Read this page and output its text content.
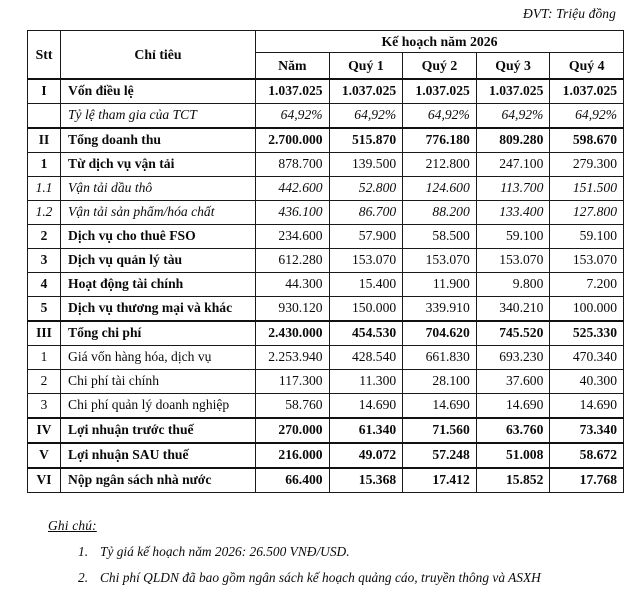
ĐVT: Triệu đồng
Stt	Chỉ tiêu	Kế hoạch năm 2026				
		Năm	Quý 1	Quý 2	Quý 3	Quý 4
I	Vốn điều lệ	1.037.025	1.037.025	1.037.025	1.037.025	1.037.025
	Tỷ lệ tham gia của TCT	64,92%	64,92%	64,92%	64,92%	64,92%
II	Tổng doanh thu	2.700.000	515.870	776.180	809.280	598.670
1	Từ dịch vụ vận tải	878.700	139.500	212.800	247.100	279.300
1.1	Vận tải dầu thô	442.600	52.800	124.600	113.700	151.500
1.2	Vận tải sản phẩm/hóa chất	436.100	86.700	88.200	133.400	127.800
2	Dịch vụ cho thuê FSO	234.600	57.900	58.500	59.100	59.100
3	Dịch vụ quản lý tàu	612.280	153.070	153.070	153.070	153.070
4	Hoạt động tài chính	44.300	15.400	11.900	9.800	7.200
5	Dịch vụ thương mại và khác	930.120	150.000	339.910	340.210	100.000
III	Tổng chi phí	2.430.000	454.530	704.620	745.520	525.330
1	Giá vốn hàng hóa, dịch vụ	2.253.940	428.540	661.830	693.230	470.340
2	Chi phí tài chính	117.300	11.300	28.100	37.600	40.300
3	Chi phí quản lý doanh nghiệp	58.760	14.690	14.690	14.690	14.690
IV	Lợi nhuận trước thuế	270.000	61.340	71.560	63.760	73.340
V	Lợi nhuận SAU thuế	216.000	49.072	57.248	51.008	58.672
VI	Nộp ngân sách nhà nước	66.400	15.368	17.412	15.852	17.768
Ghi chú:
1. Tỷ giá kế hoạch năm 2026: 26.500 VNĐ/USD.
2. Chi phí QLDN đã bao gồm ngân sách kế hoạch quảng cáo, truyền thông và ASXH
